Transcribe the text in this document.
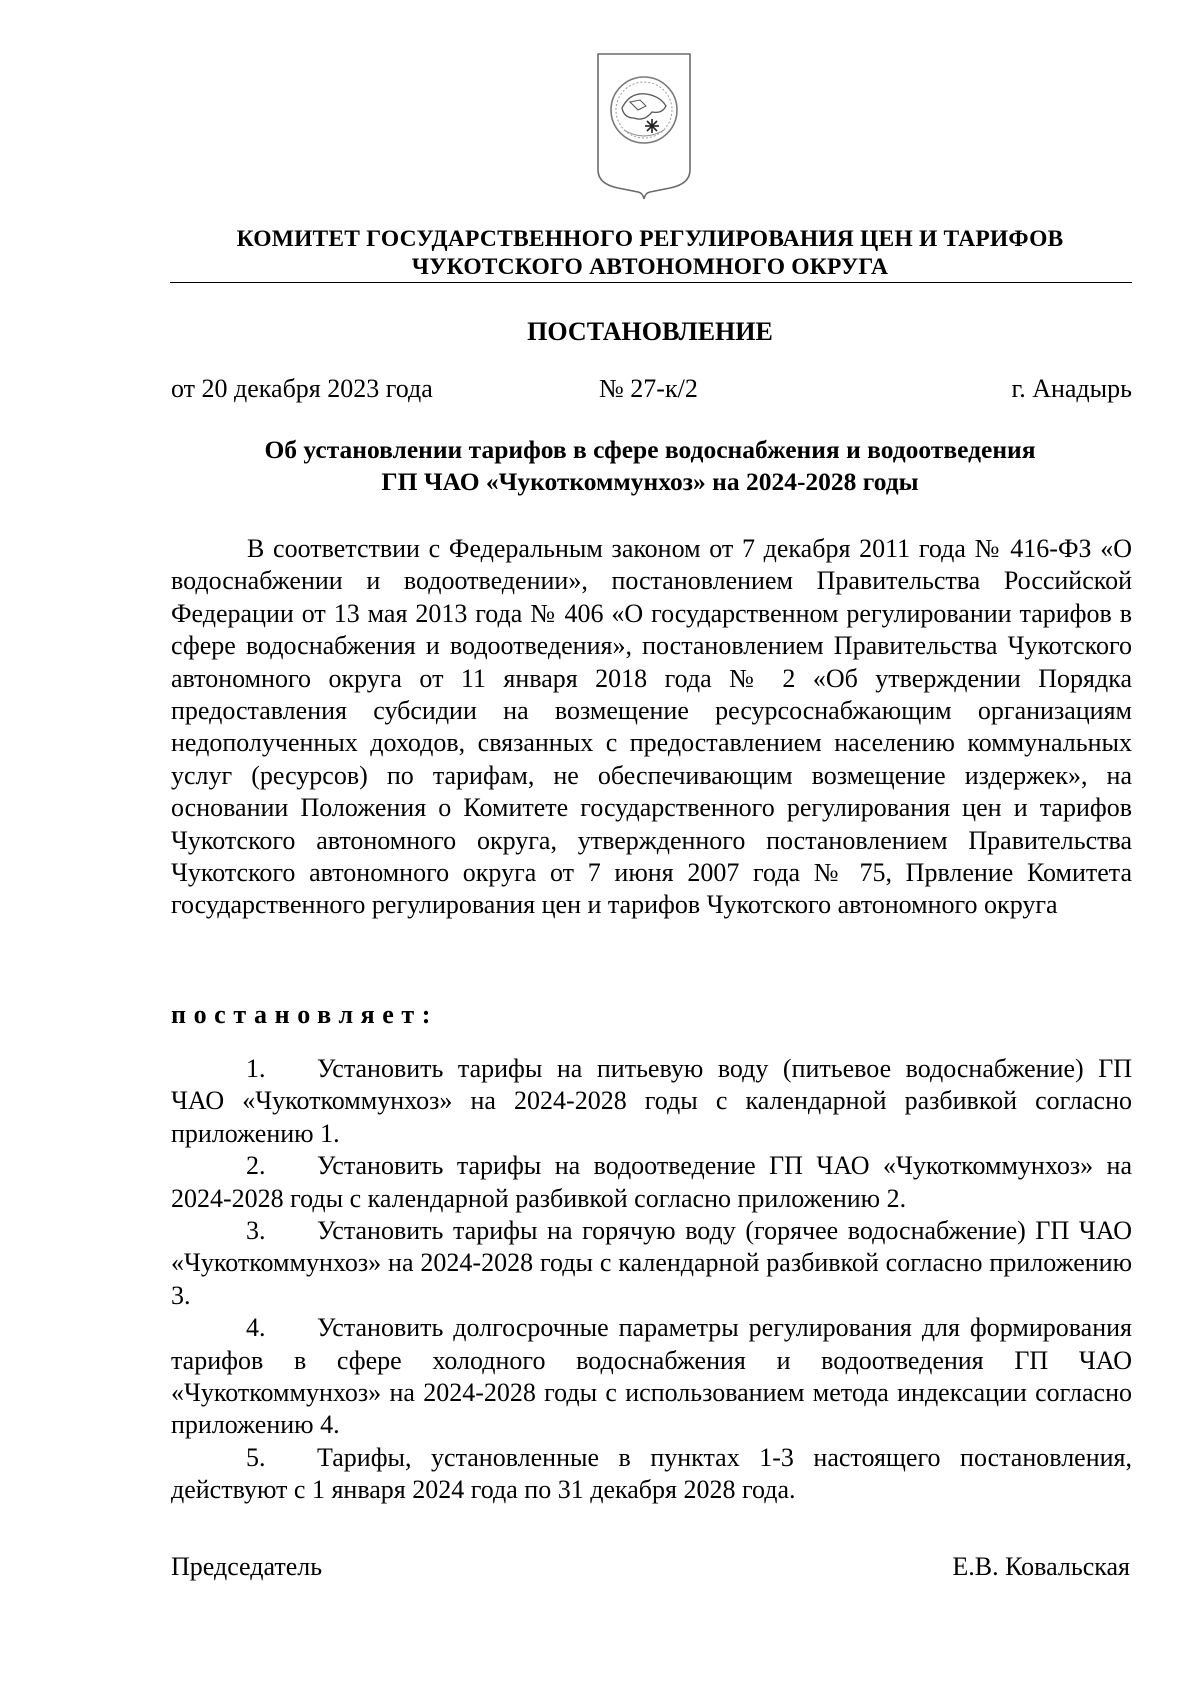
КОМИТЕТ ГОСУДАРСТВЕННОГО РЕГУЛИРОВАНИЯ ЦЕН И ТАРИФОВ
ЧУКОТСКОГО АВТОНОМНОГО ОКРУГА
ПОСТАНОВЛЕНИЕ
от 20 декабря 2023 года	№ 27-к/2	г. Анадырь
Об установлении тарифов в сфере водоснабжения и водоотведения
ГП ЧАО «Чукоткоммунхоз» на 2024-2028 годы
В соответствии с Федеральным законом от 7 декабря 2011 года № 416-ФЗ «О водоснабжении и водоотведении», постановлением Правительства Российской Федерации от 13 мая 2013 года № 406 «О государственном регулировании тарифов в сфере водоснабжения и водоотведения», постановлением Правительства Чукотского автономного округа от 11 января 2018 года № 2 «Об утверждении Порядка предоставления субсидии на возмещение ресурсоснабжающим организациям недополученных доходов, связанных с предоставлением населению коммунальных услуг (ресурсов) по тарифам, не обеспечивающим возмещение издержек», на основании Положения о Комитете государственного регулирования цен и тарифов Чукотского автономного округа, утвержденного постановлением Правительства Чукотского автономного округа от 7 июня 2007 года № 75, Првление Комитета государственного регулирования цен и тарифов Чукотского автономного округа
постановляет:
1. Установить тарифы на питьевую воду (питьевое водоснабжение) ГП ЧАО «Чукоткоммунхоз» на 2024-2028 годы с календарной разбивкой согласно приложению 1.
2. Установить тарифы на водоотведение ГП ЧАО «Чукоткоммунхоз» на 2024-2028 годы с календарной разбивкой согласно приложению 2.
3. Установить тарифы на горячую воду (горячее водоснабжение) ГП ЧАО «Чукоткоммунхоз» на 2024-2028 годы с календарной разбивкой согласно приложению 3.
4. Установить долгосрочные параметры регулирования для формирования тарифов в сфере холодного водоснабжения и водоотведения ГП ЧАО «Чукоткоммунхоз» на 2024-2028 годы с использованием метода индексации согласно приложению 4.
5. Тарифы, установленные в пунктах 1-3 настоящего постановления, действуют с 1 января 2024 года по 31 декабря 2028 года.
Председатель	Е.В. Ковальская
